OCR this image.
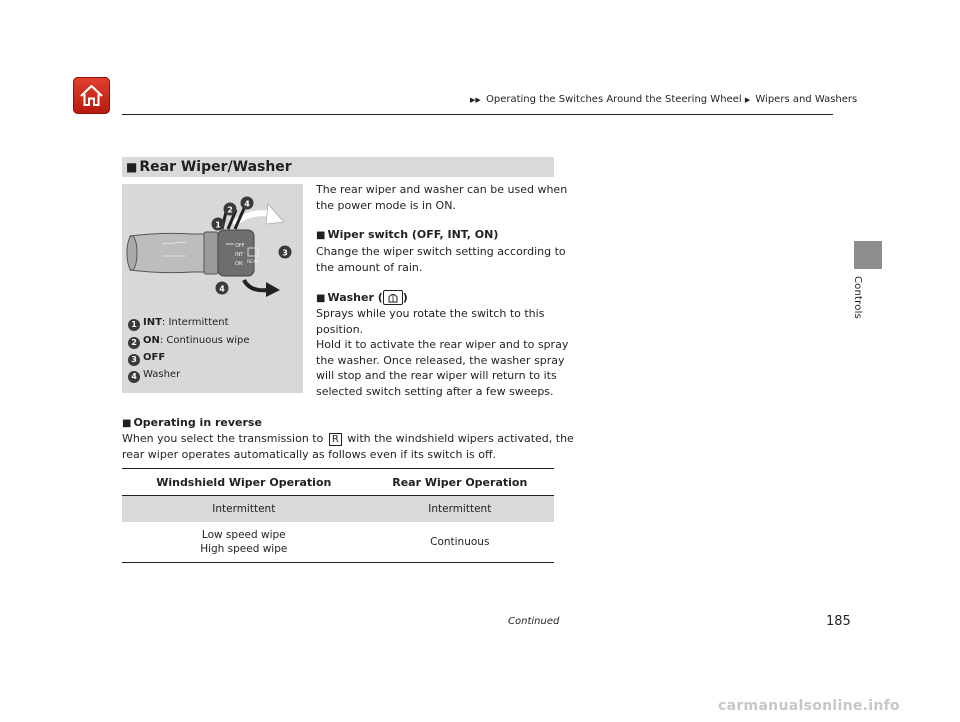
▶▶ Operating the Switches Around the Steering Wheel ▶ Wipers and Washers
Controls
■ Rear Wiper/Washer
OFF
INT
ON REAR
1
2
4
3
4
1 INT: Intermittent
2 ON: Continuous wipe
3 OFF
4 Washer
The rear wiper and washer can be used when
the power mode is in ON.
■ Wiper switch (OFF, INT, ON)
Change the wiper switch setting according to
the amount of rain.
■ Washer ( )
Sprays while you rotate the switch to this
position.
Hold it to activate the rear wiper and to spray
the washer. Once released, the washer spray
will stop and the rear wiper will return to its
selected switch setting after a few sweeps.
■ Operating in reverse
When you select the transmission to R with the windshield wipers activated, the
rear wiper operates automatically as follows even if its switch is off.
Windshield Wiper Operation	Rear Wiper Operation
Intermittent	Intermittent

Low speed wipe
High speed wipe	Continuous
Continued	185
carmanualsonline.info
